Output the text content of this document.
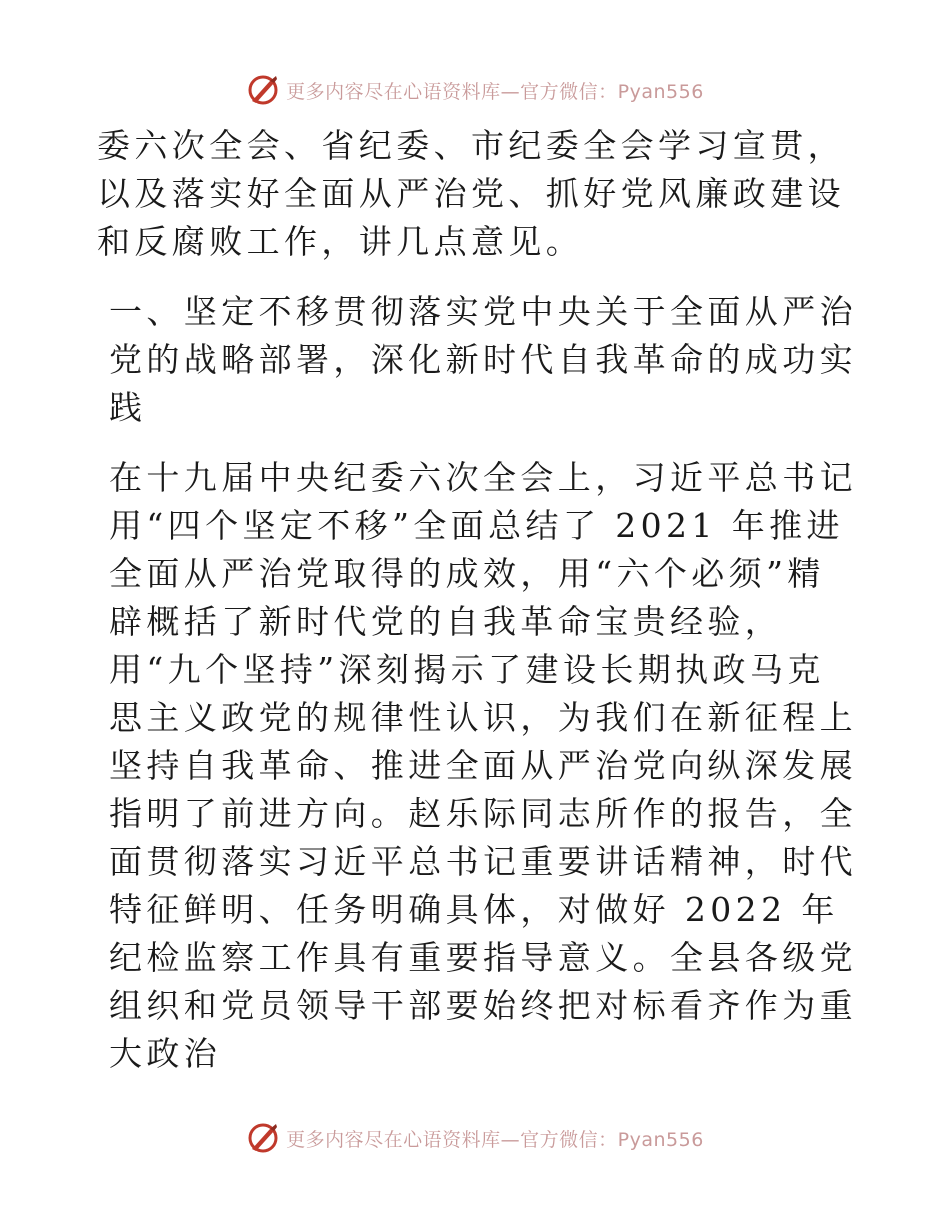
更多内容尽在心语资料库—官方微信：Pyan556

委六次全会、省纪委、市纪委全会学习宣贯，以及落实好全面从严治党、抓好党风廉政建设和反腐败工作，讲几点意见。

一、坚定不移贯彻落实党中央关于全面从严治党的战略部署，深化新时代自我革命的成功实践

在十九届中央纪委六次全会上，习近平总书记用“四个坚定不移”全面总结了 2021 年推进全面从严治党取得的成效，用“六个必须”精辟概括了新时代党的自我革命宝贵经验，用“九个坚持”深刻揭示了建设长期执政马克思主义政党的规律性认识，为我们在新征程上坚持自我革命、推进全面从严治党向纵深发展指明了前进方向。赵乐际同志所作的报告，全面贯彻落实习近平总书记重要讲话精神，时代特征鲜明、任务明确具体，对做好 2022 年纪检监察工作具有重要指导意义。全县各级党组织和党员领导干部要始终把对标看齐作为重大政治

更多内容尽在心语资料库—官方微信：Pyan556
